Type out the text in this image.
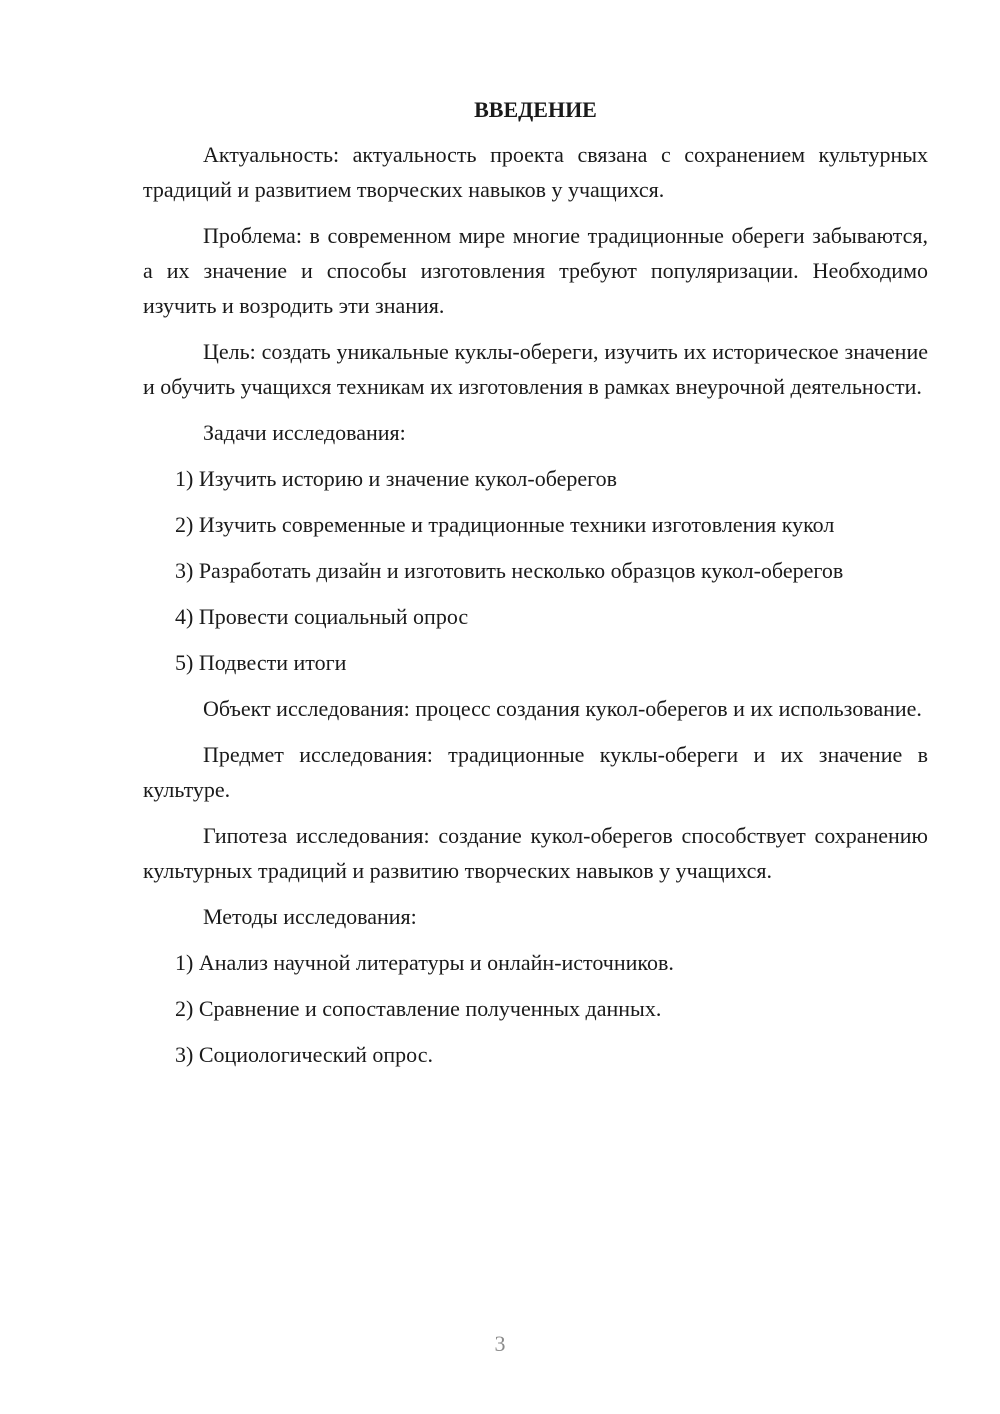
ВВЕДЕНИЕ

Актуальность: актуальность проекта связана с сохранением культурных традиций и развитием творческих навыков у учащихся.

Проблема: в современном мире многие традиционные обереги забываются, а их значение и способы изготовления требуют популяризации. Необходимо изучить и возродить эти знания.

Цель: создать уникальные куклы-обереги, изучить их историческое значение и обучить учащихся техникам их изготовления в рамках внеурочной деятельности.

Задачи исследования:

1) Изучить историю и значение кукол-оберегов

2) Изучить современные и традиционные техники изготовления кукол

3) Разработать дизайн и изготовить несколько образцов кукол-оберегов

4) Провести социальный опрос

5) Подвести итоги

Объект исследования: процесс создания кукол-оберегов и их использование.

Предмет исследования: традиционные куклы-обереги и их значение в культуре.

Гипотеза исследования: создание кукол-оберегов способствует сохранению культурных традиций и развитию творческих навыков у учащихся.

Методы исследования:

1) Анализ научной литературы и онлайн-источников.

2) Сравнение и сопоставление полученных данных.

3) Социологический опрос.

3
